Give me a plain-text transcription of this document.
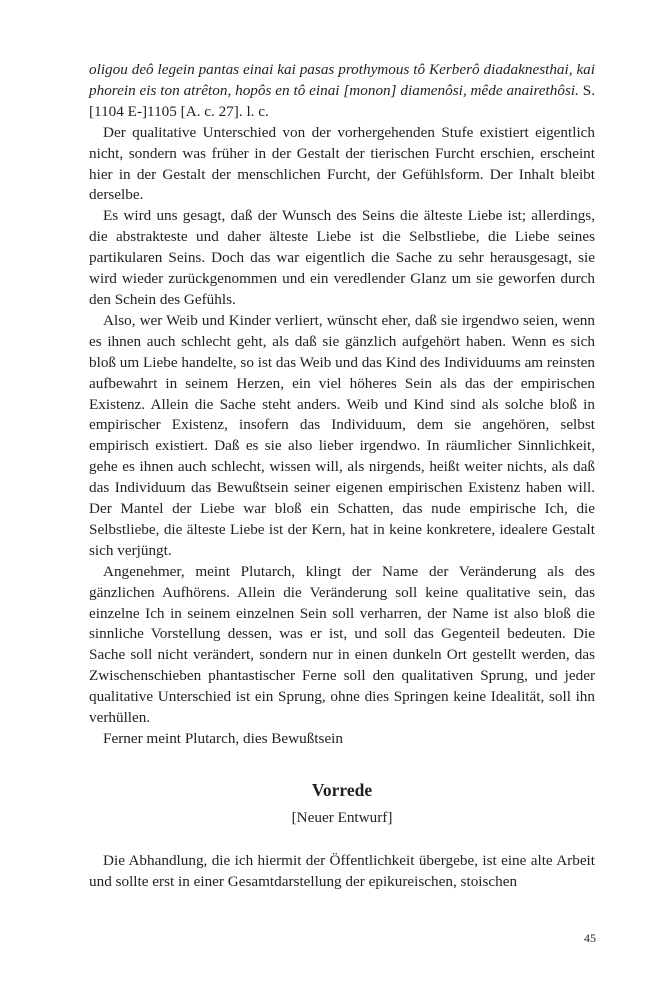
oligou deô legein pantas einai kai pasas prothymous tô Kerberô diadaknesthai, kai phorein eis ton atrêton, hopôs en tô einai [monon] diamenôsi, mêde anairethôsi. S. [1104 E-]1105 [A. c. 27]. l. c.

Der qualitative Unterschied von der vorhergehenden Stufe existiert eigentlich nicht, sondern was früher in der Gestalt der tierischen Furcht erschien, erscheint hier in der Gestalt der menschlichen Furcht, der Gefühlsform. Der Inhalt bleibt derselbe.

Es wird uns gesagt, daß der Wunsch des Seins die älteste Liebe ist; allerdings, die abstrakteste und daher älteste Liebe ist die Selbstliebe, die Liebe seines partikularen Seins. Doch das war eigentlich die Sache zu sehr herausgesagt, sie wird wieder zurückgenommen und ein veredlender Glanz um sie geworfen durch den Schein des Gefühls.

Also, wer Weib und Kinder verliert, wünscht eher, daß sie irgendwo seien, wenn es ihnen auch schlecht geht, als daß sie gänzlich aufgehört haben. Wenn es sich bloß um Liebe handelte, so ist das Weib und das Kind des Individuums am reinsten aufbewahrt in seinem Herzen, ein viel höheres Sein als das der empirischen Existenz. Allein die Sache steht anders. Weib und Kind sind als solche bloß in empirischer Existenz, insofern das Individuum, dem sie angehören, selbst empirisch existiert. Daß es sie also lieber irgendwo. In räumlicher Sinnlichkeit, gehe es ihnen auch schlecht, wissen will, als nirgends, heißt weiter nichts, als daß das Individuum das Bewußtsein seiner eigenen empirischen Existenz haben will. Der Mantel der Liebe war bloß ein Schatten, das nude empirische Ich, die Selbstliebe, die älteste Liebe ist der Kern, hat in keine konkretere, idealere Gestalt sich verjüngt.

Angenehmer, meint Plutarch, klingt der Name der Veränderung als des gänzlichen Aufhörens. Allein die Veränderung soll keine qualitative sein, das einzelne Ich in seinem einzelnen Sein soll verharren, der Name ist also bloß die sinnliche Vorstellung dessen, was er ist, und soll das Gegenteil bedeuten. Die Sache soll nicht verändert, sondern nur in einen dunkeln Ort gestellt werden, das Zwischenschieben phantastischer Ferne soll den qualitativen Sprung, und jeder qualitative Unterschied ist ein Sprung, ohne dies Springen keine Idealität, soll ihn verhüllen.

Ferner meint Plutarch, dies Bewußtsein

Vorrede
[Neuer Entwurf]

Die Abhandlung, die ich hiermit der Öffentlichkeit übergebe, ist eine alte Arbeit und sollte erst in einer Gesamtdarstellung der epikureischen, stoischen

45
